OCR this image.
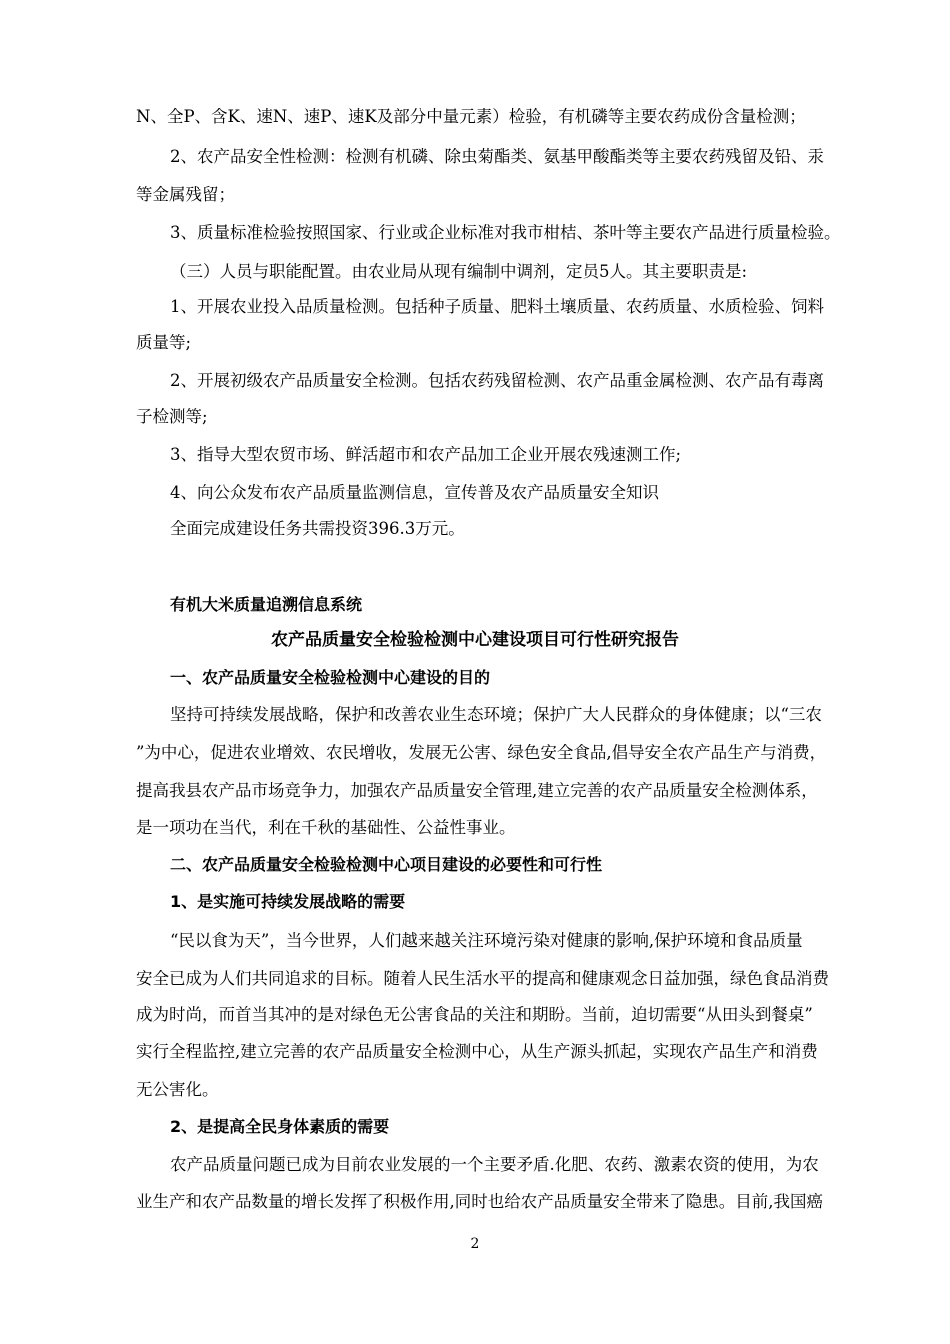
N、全P、含K、速N、速P、速K及部分中量元素）检验，有机磷等主要农药成份含量检测；
2、农产品安全性检测：检测有机磷、除虫菊酯类、氨基甲酸酯类等主要农药残留及铅、汞
等金属残留；
3、质量标准检验按照国家、行业或企业标准对我市柑桔、茶叶等主要农产品进行质量检验。
（三）人员与职能配置。由农业局从现有编制中调剂，定员5人。其主要职责是:
1、开展农业投入品质量检测。包括种子质量、肥料土壤质量、农药质量、水质检验、饲料
质量等;
2、开展初级农产品质量安全检测。包括农药残留检测、农产品重金属检测、农产品有毒离
子检测等;
3、指导大型农贸市场、鲜活超市和农产品加工企业开展农残速测工作;
4、向公众发布农产品质量监测信息，宣传普及农产品质量安全知识
全面完成建设任务共需投资396.3万元。
有机大米质量追溯信息系统
农产品质量安全检验检测中心建设项目可行性研究报告
一、农产品质量安全检验检测中心建设的目的
坚持可持续发展战略，保护和改善农业生态环境；保护广大人民群众的身体健康；以“三农
”为中心，促进农业增效、农民增收，发展无公害、绿色安全食品,倡导安全农产品生产与消费，
提高我县农产品市场竞争力，加强农产品质量安全管理,建立完善的农产品质量安全检测体系，
是一项功在当代，利在千秋的基础性、公益性事业。
二、农产品质量安全检验检测中心项目建设的必要性和可行性
1、是实施可持续发展战略的需要
“民以食为天”，当今世界，人们越来越关注环境污染对健康的影响,保护环境和食品质量
安全已成为人们共同追求的目标。随着人民生活水平的提高和健康观念日益加强，绿色食品消费
成为时尚，而首当其冲的是对绿色无公害食品的关注和期盼。当前，迫切需要“从田头到餐桌”
实行全程监控,建立完善的农产品质量安全检测中心，从生产源头抓起，实现农产品生产和消费
无公害化。
2、是提高全民身体素质的需要
农产品质量问题已成为目前农业发展的一个主要矛盾.化肥、农药、激素农资的使用，为农
业生产和农产品数量的增长发挥了积极作用,同时也给农产品质量安全带来了隐患。目前,我国癌
2
